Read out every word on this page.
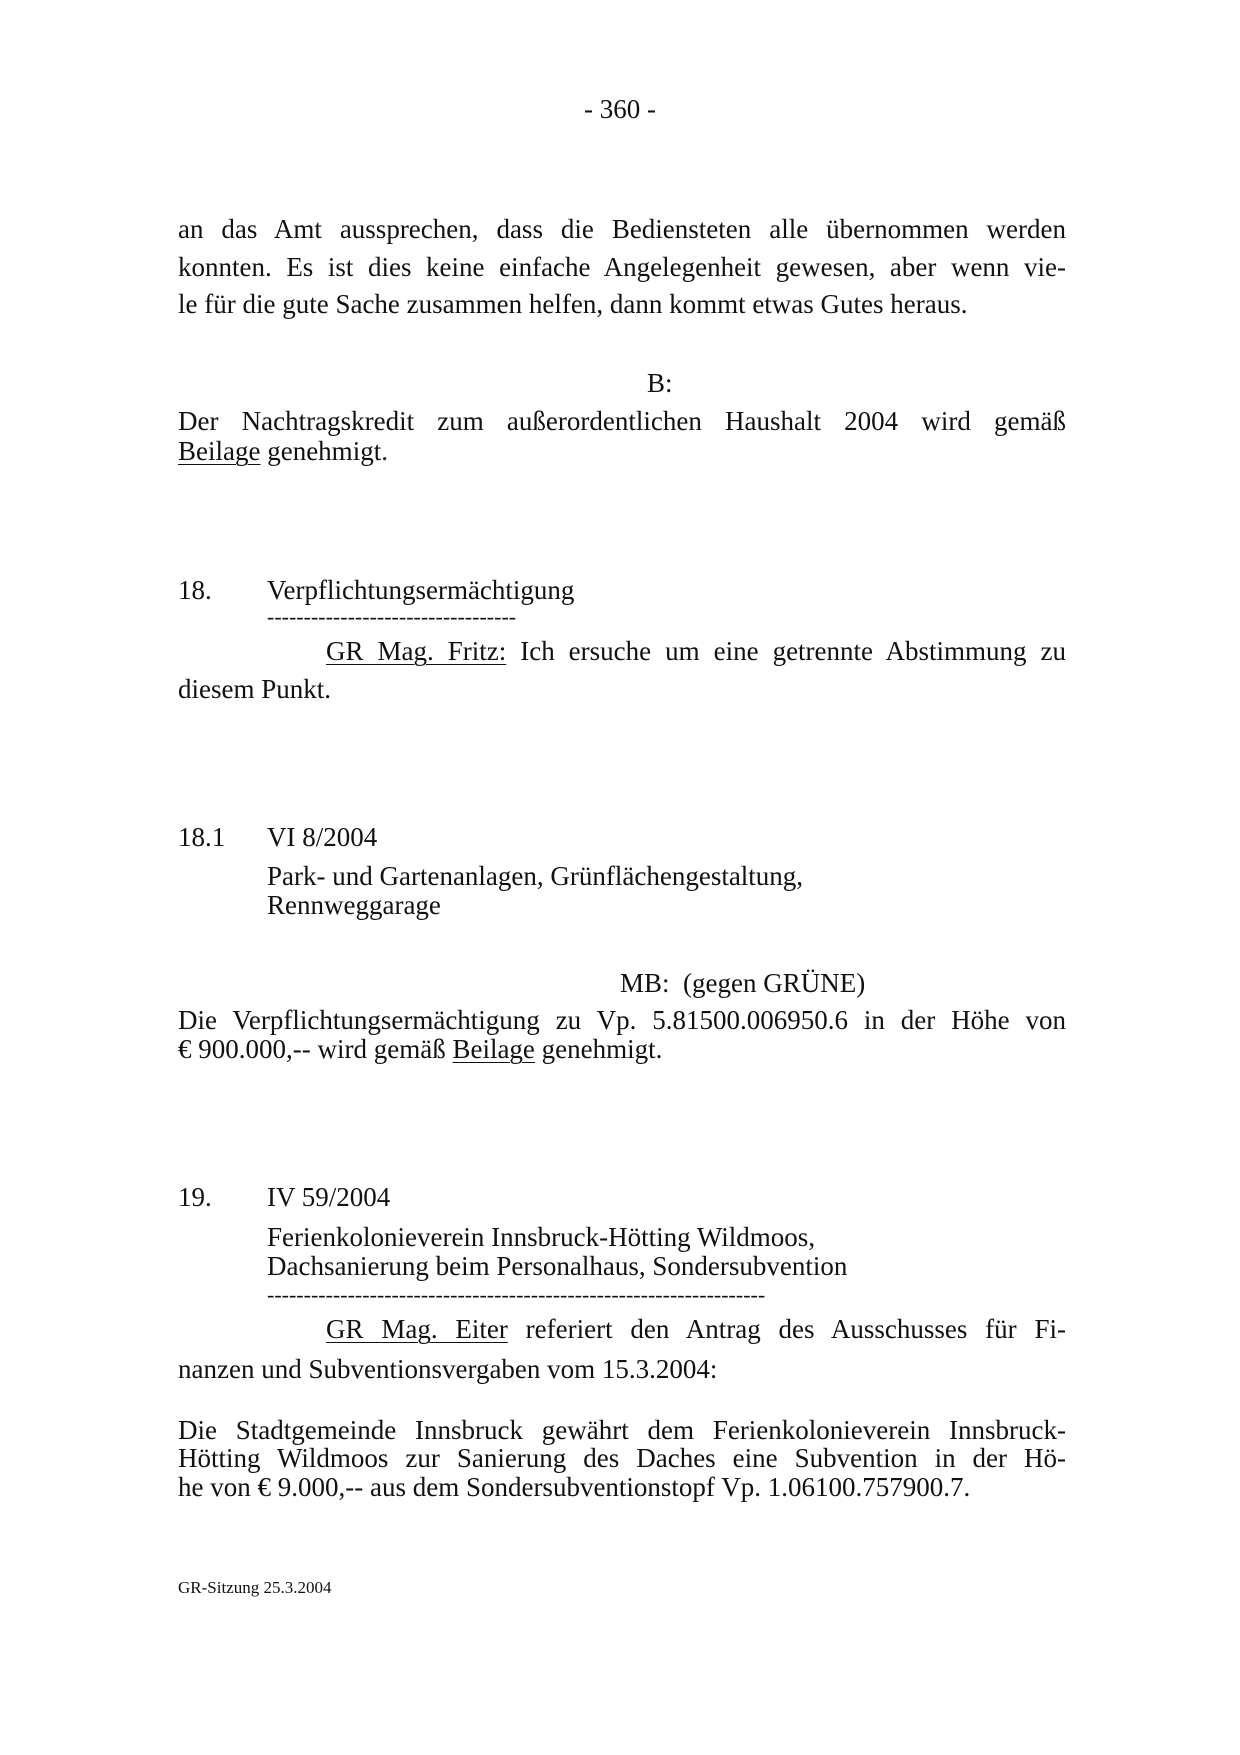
- 360 -
an das Amt aussprechen, dass die Bediensteten alle übernommen werden
konnten. Es ist dies keine einfache Angelegenheit gewesen, aber wenn vie-
le für die gute Sache zusammen helfen, dann kommt etwas Gutes heraus.
B:
Der Nachtragskredit zum außerordentlichen Haushalt 2004 wird gemäß
Beilage genehmigt.
18. Verpflichtungsermächtigung
----------------------------------
GR Mag. Fritz: Ich ersuche um eine getrennte Abstimmung zu
diesem Punkt.
18.1 VI 8/2004
Park- und Gartenanlagen, Grünflächengestaltung,
Rennweggarage
MB:  (gegen GRÜNE)
Die Verpflichtungsermächtigung zu Vp. 5.81500.006950.6 in der Höhe von
€ 900.000,-- wird gemäß Beilage genehmigt.
19. IV 59/2004
Ferienkolonieverein Innsbruck-Hötting Wildmoos,
Dachsanierung beim Personalhaus, Sondersubvention
--------------------------------------------------------------------
GR Mag. Eiter referiert den Antrag des Ausschusses für Fi-
nanzen und Subventionsvergaben vom 15.3.2004:
Die Stadtgemeinde Innsbruck gewährt dem Ferienkolonieverein Innsbruck-
Hötting Wildmoos zur Sanierung des Daches eine Subvention in der Hö-
he von € 9.000,-- aus dem Sondersubventionstopf Vp. 1.06100.757900.7.
GR-Sitzung 25.3.2004
